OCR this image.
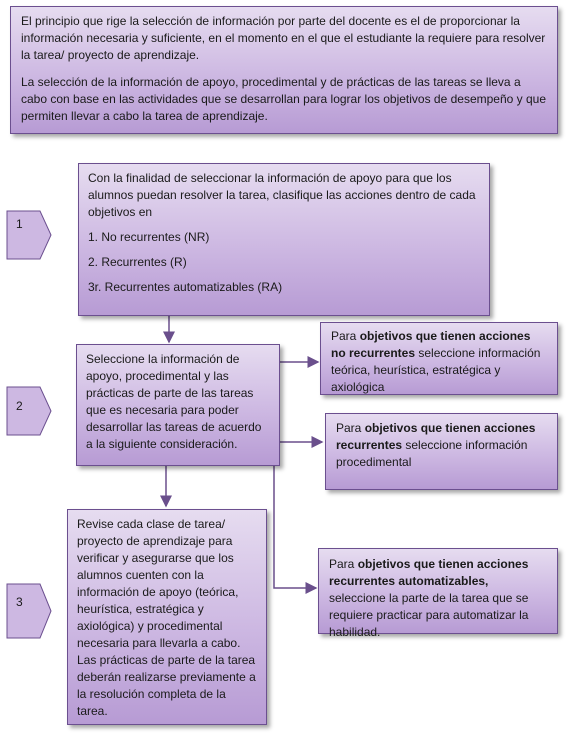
El principio que rige la selección de información por parte del docente es el de proporcionar la información necesaria y suficiente, en el momento en el que el estudiante la requiere para resolver la tarea/ proyecto de aprendizaje.

La selección de la información de apoyo, procedimental y de prácticas de las tareas se lleva a cabo con base en las actividades que se desarrollan para lograr los objetivos de desempeño y que permiten llevar a cabo la tarea de aprendizaje.

1
2
3

Con la finalidad de seleccionar la información de apoyo para que los alumnos puedan resolver la tarea, clasifique las acciones dentro de cada objetivos en

1. No recurrentes (NR)

2. Recurrentes (R)

3r. Recurrentes automatizables (RA)

Seleccione la información de apoyo, procedimental y las prácticas de parte de las tareas que es necesaria para poder desarrollar las tareas de acuerdo a la siguiente consideración.

Revise cada clase de tarea/ proyecto de aprendizaje para verificar y asegurarse que los alumnos cuenten con la información de apoyo (teórica, heurística, estratégica y axiológica) y procedimental necesaria para llevarla a cabo. Las prácticas de parte de la tarea deberán realizarse previamente a la resolución completa de la tarea.

Para objetivos que tienen acciones no recurrentes seleccione información teórica, heurística, estratégica y axiológica

Para objetivos que tienen acciones recurrentes seleccione información procedimental

Para objetivos que tienen acciones recurrentes automatizables, seleccione la parte de la tarea que se requiere practicar para automatizar la habilidad.
